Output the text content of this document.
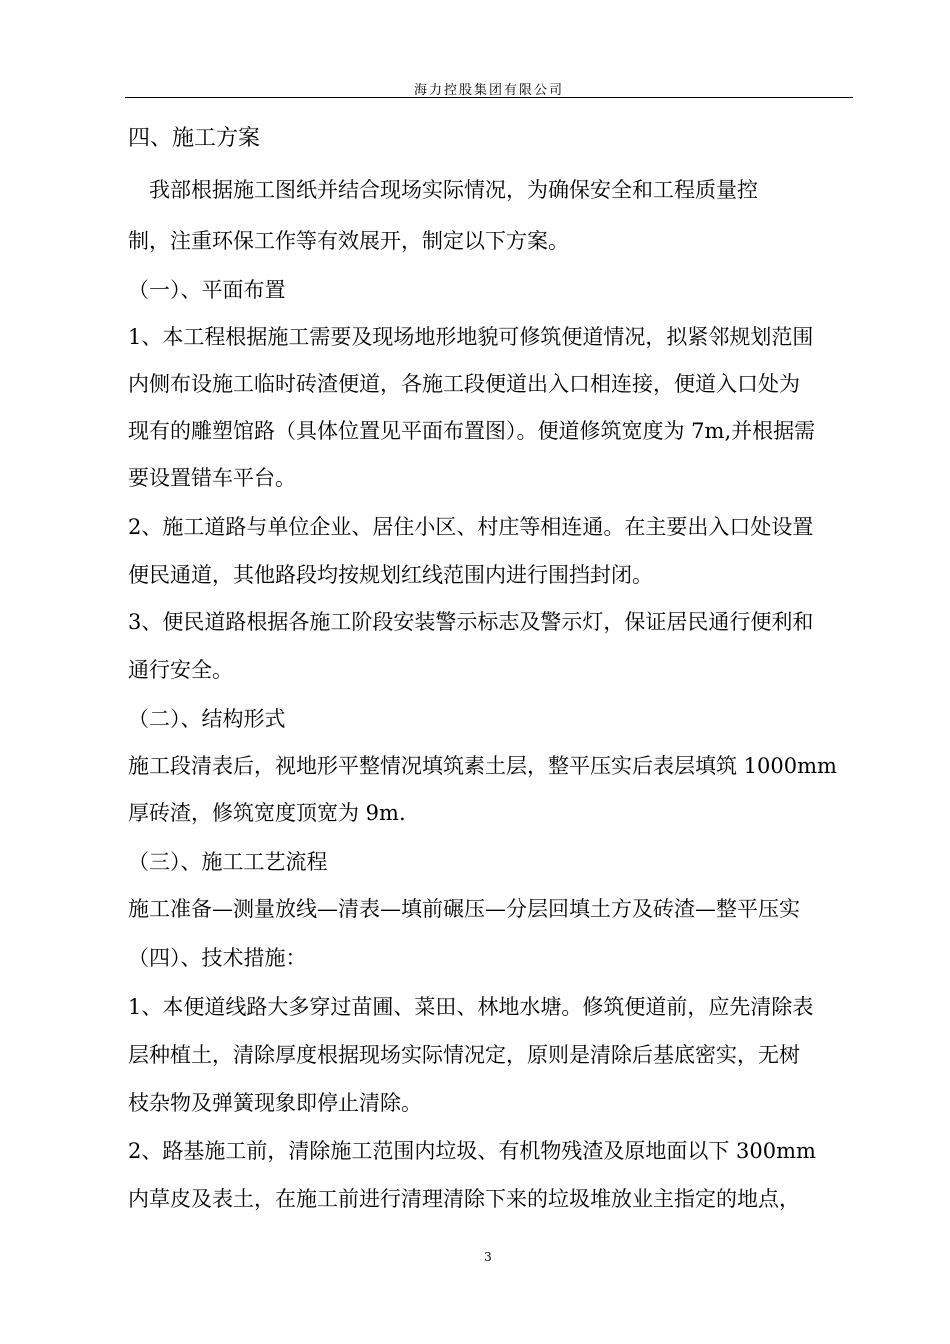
海力控股集团有限公司
四、施工方案
我部根据施工图纸并结合现场实际情况，为确保安全和工程质量控
制，注重环保工作等有效展开，制定以下方案。
（一）、平面布置
1、本工程根据施工需要及现场地形地貌可修筑便道情况，拟紧邻规划范围
内侧布设施工临时砖渣便道，各施工段便道出入口相连接，便道入口处为
现有的雕塑馆路（具体位置见平面布置图）。便道修筑宽度为 7m,并根据需
要设置错车平台。
2、施工道路与单位企业、居住小区、村庄等相连通。在主要出入口处设置
便民通道，其他路段均按规划红线范围内进行围挡封闭。
3、便民道路根据各施工阶段安装警示标志及警示灯，保证居民通行便利和
通行安全。
（二）、结构形式
施工段清表后，视地形平整情况填筑素土层，整平压实后表层填筑 1000mm
厚砖渣，修筑宽度顶宽为 9m.
（三）、施工工艺流程
施工准备—测量放线—清表—填前碾压—分层回填土方及砖渣—整平压实
（四）、技术措施：
1、本便道线路大多穿过苗圃、菜田、林地水塘。修筑便道前，应先清除表
层种植土，清除厚度根据现场实际情况定，原则是清除后基底密实，无树
枝杂物及弹簧现象即停止清除。
2、路基施工前，清除施工范围内垃圾、有机物残渣及原地面以下 300mm
内草皮及表土，在施工前进行清理清除下来的垃圾堆放业主指定的地点，
3
